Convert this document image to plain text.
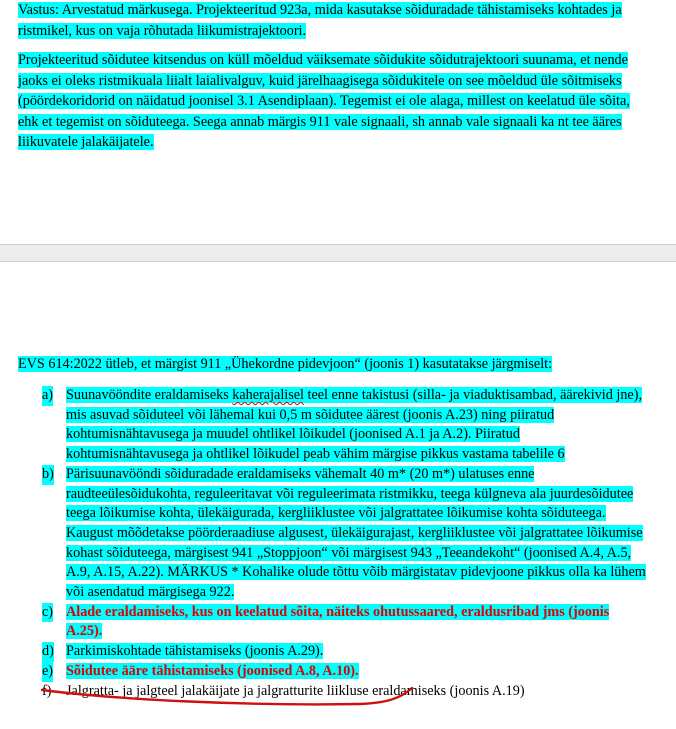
Vastus: Arvestatud märkusega. Projekteeritud 923a, mida kasutakse sõiduradade tähistamiseks kohtades ja ristmikel, kus on vaja rõhutada liikumistrajektoori.

Projekteeritud sõidutee kitsendus on küll mõeldud väiksemate sõidukite sõidutrajektoori suunama, et nende jaoks ei oleks ristmikuala liialt laialivalguv, kuid järelhaagisega sõidukitele on see mõeldud üle sõitmiseks (pöördekoridorid on näidatud joonisel 3.1 Asendiplaan). Tegemist ei ole alaga, millest on keelatud üle sõita, ehk et tegemist on sõiduteega. Seega annab märgis 911 vale signaali, sh annab vale signaali ka nt tee ääres liikuvatele jalakäijatele.

EVS 614:2022 ütleb, et märgist 911 „Ühekordne pidevjoon“ (joonis 1) kasutatakse järgmiselt:
a) Suunavööndite eraldamiseks kaherajalisel teel enne takistusi (silla- ja viaduktisambad, äärekivid jne), mis asuvad sõiduteel või lähemal kui 0,5 m sõidutee äärest (joonis A.23) ning piiratud kohtumisnähtavusega ja muudel ohtlikel lõikudel (joonised A.1 ja A.2). Piiratud kohtumisnähtavusega ja ohtlikel lõikudel peab vähim märgise pikkus vastama tabelile 6
b) Pärisuunavööndi sõiduradade eraldamiseks vähemalt 40 m* (20 m*) ulatuses enne raudteeülesõidukohta, reguleeritavat või reguleerimata ristmikku, teega külgneva ala juurdesõidutee teega lõikumise kohta, ülekäigurada, kergliiklustee või jalgrattatee lõikumise kohta sõiduteega. Kaugust mõõdetakse pöörderaadiuse algusest, ülekäigurajast, kergliiklustee või jalgrattatee lõikumise kohast sõiduteega, märgisest 941 „Stoppjoon“ või märgisest 943 „Teeandekoht“ (joonised A.4, A.5, A.9, A.15, A.22). MÄRKUS * Kohalike olude tõttu võib märgistatav pidevjoone pikkus olla ka lühem või asendatud märgisega 922.
c) Alade eraldamiseks, kus on keelatud sõita, näiteks ohutussaared, eraldusribad jms (joonis A.25).
d) Parkimiskohtade tähistamiseks (joonis A.29).
e) Sõidutee ääre tähistamiseks (joonised A.8, A.10).
f) Jalgratta- ja jalgteel jalakäijate ja jalgratturite liikluse eraldamiseks (joonis A.19)
